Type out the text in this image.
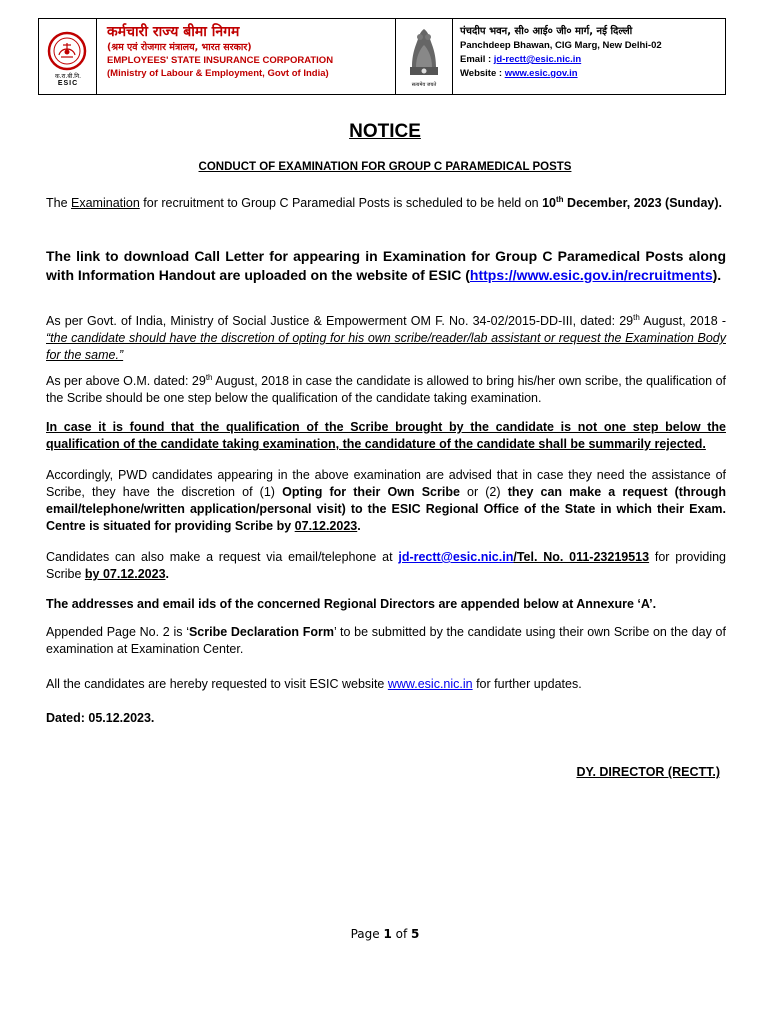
क.रा.बी.नि.
ESIC
कर्मचारी राज्य बीमा निगम
(श्रम एवं रोजगार मंत्रालय, भारत सरकार)
EMPLOYEES' STATE INSURANCE CORPORATION
(Ministry of Labour & Employment, Govt of India)
सत्यमेव जयते
पंचदीप भवन, सी० आई० जी० मार्ग, नई दिल्ली
Panchdeep Bhawan, CIG Marg, New Delhi-02
Email : jd-rectt@esic.nic.in
Website : www.esic.gov.in
NOTICE
CONDUCT OF EXAMINATION FOR GROUP C PARAMEDICAL POSTS
The Examination for recruitment to Group C Paramedial Posts is scheduled to be held on 10th December, 2023 (Sunday).
The link to download Call Letter for appearing in Examination for Group C Paramedical Posts along with Information Handout are uploaded on the website of ESIC (https://www.esic.gov.in/recruitments).
As per Govt. of India, Ministry of Social Justice & Empowerment OM F. No. 34-02/2015-DD-III, dated: 29th August, 2018 - “the candidate should have the discretion of opting for his own scribe/reader/lab assistant or request the Examination Body for the same.”
As per above O.M. dated: 29th August, 2018 in case the candidate is allowed to bring his/her own scribe, the qualification of the Scribe should be one step below the qualification of the candidate taking examination.
In case it is found that the qualification of the Scribe brought by the candidate is not one step below the qualification of the candidate taking examination, the candidature of the candidate shall be summarily rejected.
Accordingly, PWD candidates appearing in the above examination are advised that in case they need the assistance of Scribe, they have the discretion of (1) Opting for their Own Scribe or (2) they can make a request (through email/telephone/written application/personal visit) to the ESIC Regional Office of the State in which their Exam. Centre is situated for providing Scribe by 07.12.2023.
Candidates can also make a request via email/telephone at jd-rectt@esic.nic.in/Tel. No. 011-23219513 for providing Scribe by 07.12.2023.
The addresses and email ids of the concerned Regional Directors are appended below at Annexure ‘A’.
Appended Page No. 2 is ‘Scribe Declaration Form’ to be submitted by the candidate using their own Scribe on the day of examination at Examination Center.
All the candidates are hereby requested to visit ESIC website www.esic.nic.in for further updates.
Dated: 05.12.2023.
DY. DIRECTOR (RECTT.)
Page 1 of 5
